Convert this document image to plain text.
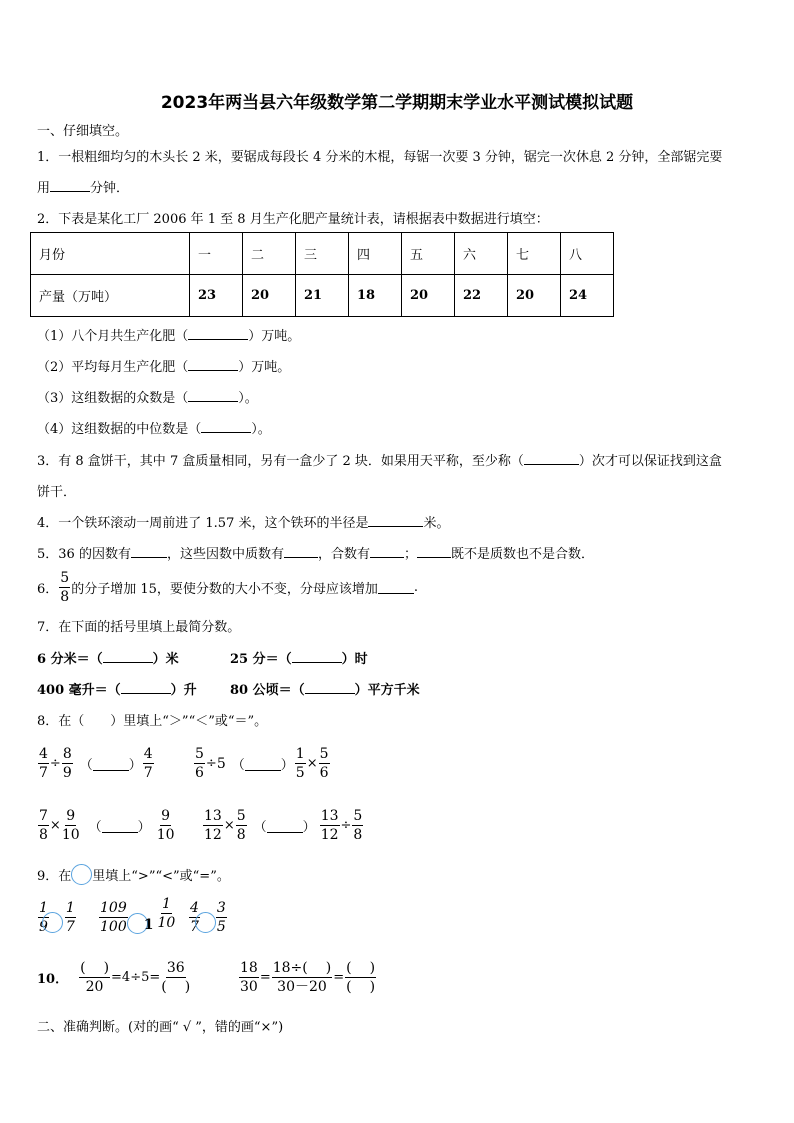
2023年两当县六年级数学第二学期期末学业水平测试模拟试题
一、仔细填空。
1．一根粗细均匀的木头长 2 米，要锯成每段长 4 分米的木棍，每锯一次要 3 分钟，锯完一次休息 2 分钟，全部锯完要
用	分钟．
2．下表是某化工厂 2006 年 1 至 8 月生产化肥产量统计表，请根据表中数据进行填空：
月份	一	二	三	四	五	六	七	八
产量（万吨）	23	20	21	18	20	22	20	24
（1）八个月共生产化肥（	）万吨。
（2）平均每月生产化肥（	）万吨。
（3）这组数据的众数是（	）。
（4）这组数据的中位数是（	）。
3．有 8 盒饼干，其中 7 盒质量相同，另有一盒少了 2 块．如果用天平称，至少称（	）次才可以保证找到这盒
饼干．
4．一个铁环滚动一周前进了 1.57 米，这个铁环的半径是	米。
5．36 的因数有	，这些因数中质数有	，合数有	；	既不是质数也不是合数．
6． $\frac{5}{8}$ 的分子增加 15，要使分数的大小不变，分母应该增加	.
7．在下面的括号里填上最简分数。
6 分米＝（	）米	25 分＝（	）时
400 毫升＝（	）升	80 公顷＝（	）平方千米
8．在（　　）里填上“＞”“＜”或“＝”。
$\frac{4}{7} \div \frac{8}{9}$ （	） $\frac{4}{7}$	$\frac{5}{6} \div 5$ （	） $\frac{1}{5} \times \frac{5}{6}$
$\frac{7}{8} \times \frac{9}{10}$ （	） $\frac{9}{10} \frac{13}{12} \times \frac{5}{8}$ （	） $\frac{13}{12} \div \frac{5}{8}$
9．在 里填上“>”“<”或“=”。
$\frac{1}{9} \frac{1}{7} \frac{109}{100} 1 \frac{1}{10} \frac{4}{7} \frac{3}{5}$
10． $\frac{( )}{20} =4\div 5= \frac{36}{( )}$	$\frac{18}{30} = \frac{18\div( )}{30-20} = \frac{( )}{( )}$
二、准确判断。(对的画“ √ ”，错的画“×”)
